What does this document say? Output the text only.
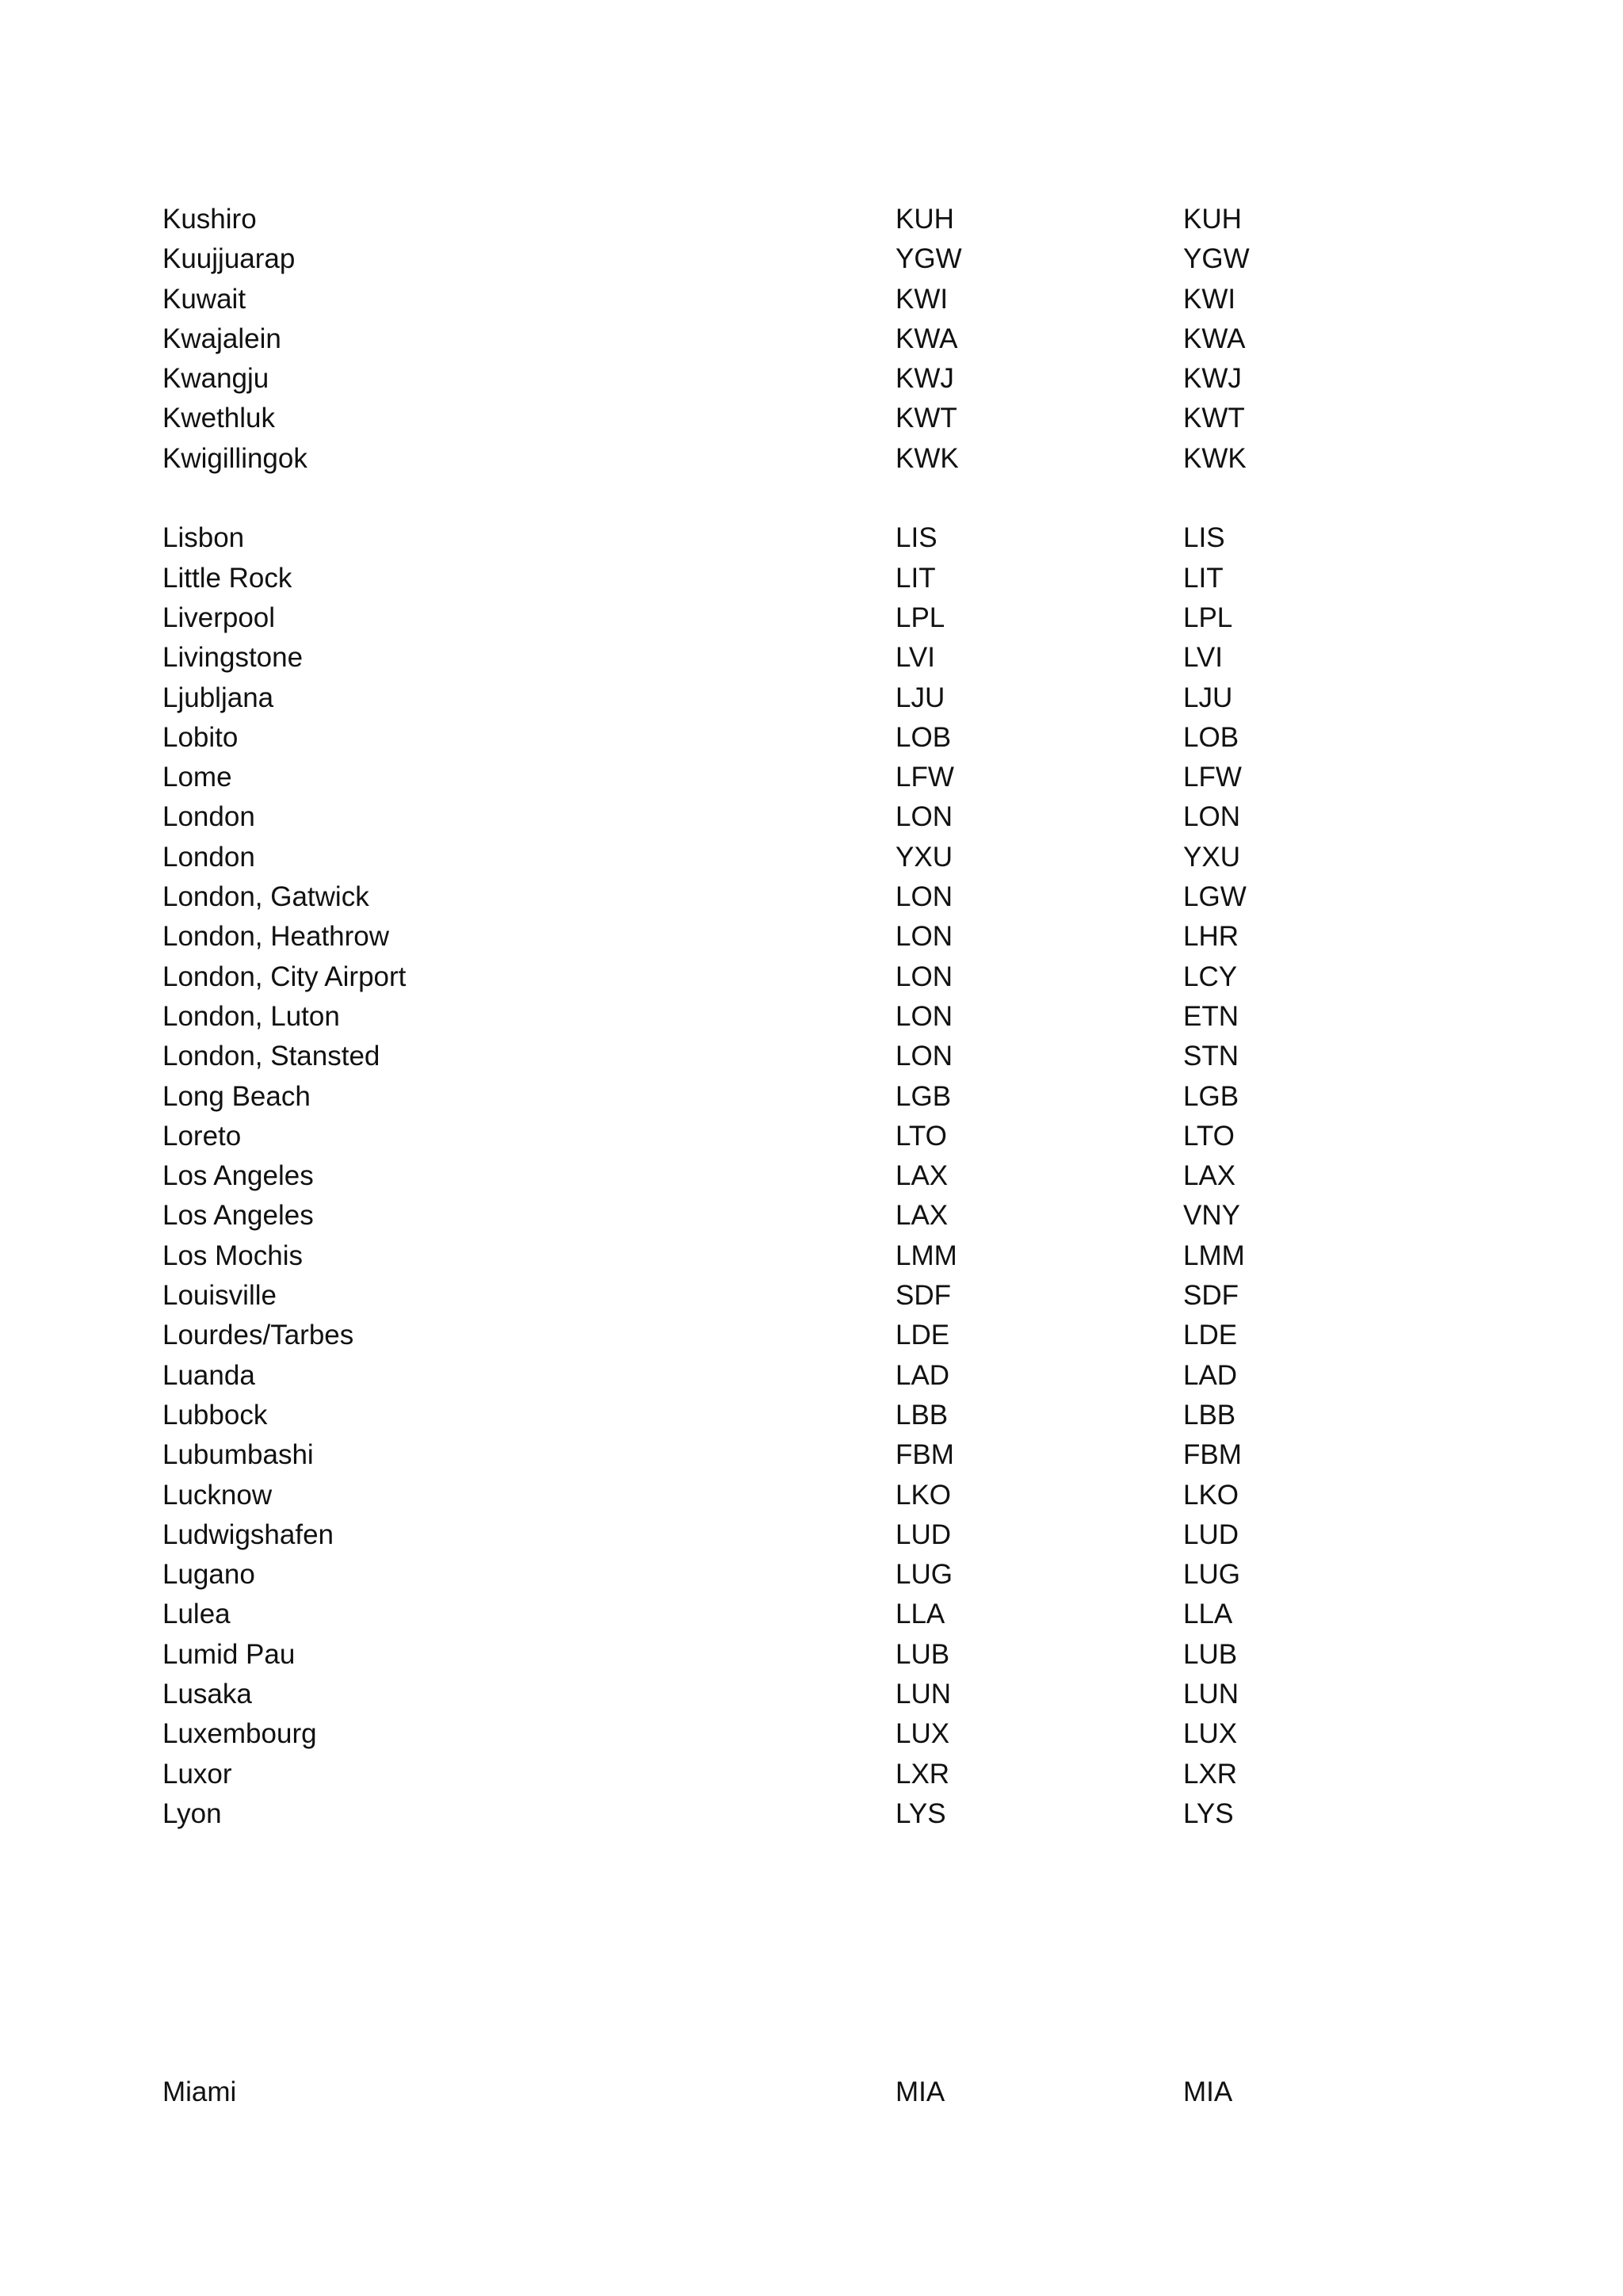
Kushiro	KUH	KUH
Kuujjuarap	YGW	YGW
Kuwait	KWI	KWI
Kwajalein	KWA	KWA
Kwangju	KWJ	KWJ
Kwethluk	KWT	KWT
Kwigillingok	KWK	KWK
Lisbon	LIS	LIS
Little Rock	LIT	LIT
Liverpool	LPL	LPL
Livingstone	LVI	LVI
Ljubljana	LJU	LJU
Lobito	LOB	LOB
Lome	LFW	LFW
London	LON	LON
London	YXU	YXU
London, Gatwick	LON	LGW
London, Heathrow	LON	LHR
London, City Airport	LON	LCY
London, Luton	LON	ETN
London, Stansted	LON	STN
Long Beach	LGB	LGB
Loreto	LTO	LTO
Los Angeles	LAX	LAX
Los Angeles	LAX	VNY
Los Mochis	LMM	LMM
Louisville	SDF	SDF
Lourdes/Tarbes	LDE	LDE
Luanda	LAD	LAD
Lubbock	LBB	LBB
Lubumbashi	FBM	FBM
Lucknow	LKO	LKO
Ludwigshafen	LUD	LUD
Lugano	LUG	LUG
Lulea	LLA	LLA
Lumid Pau	LUB	LUB
Lusaka	LUN	LUN
Luxembourg	LUX	LUX
Luxor	LXR	LXR
Lyon	LYS	LYS
Miami	MIA	MIA
